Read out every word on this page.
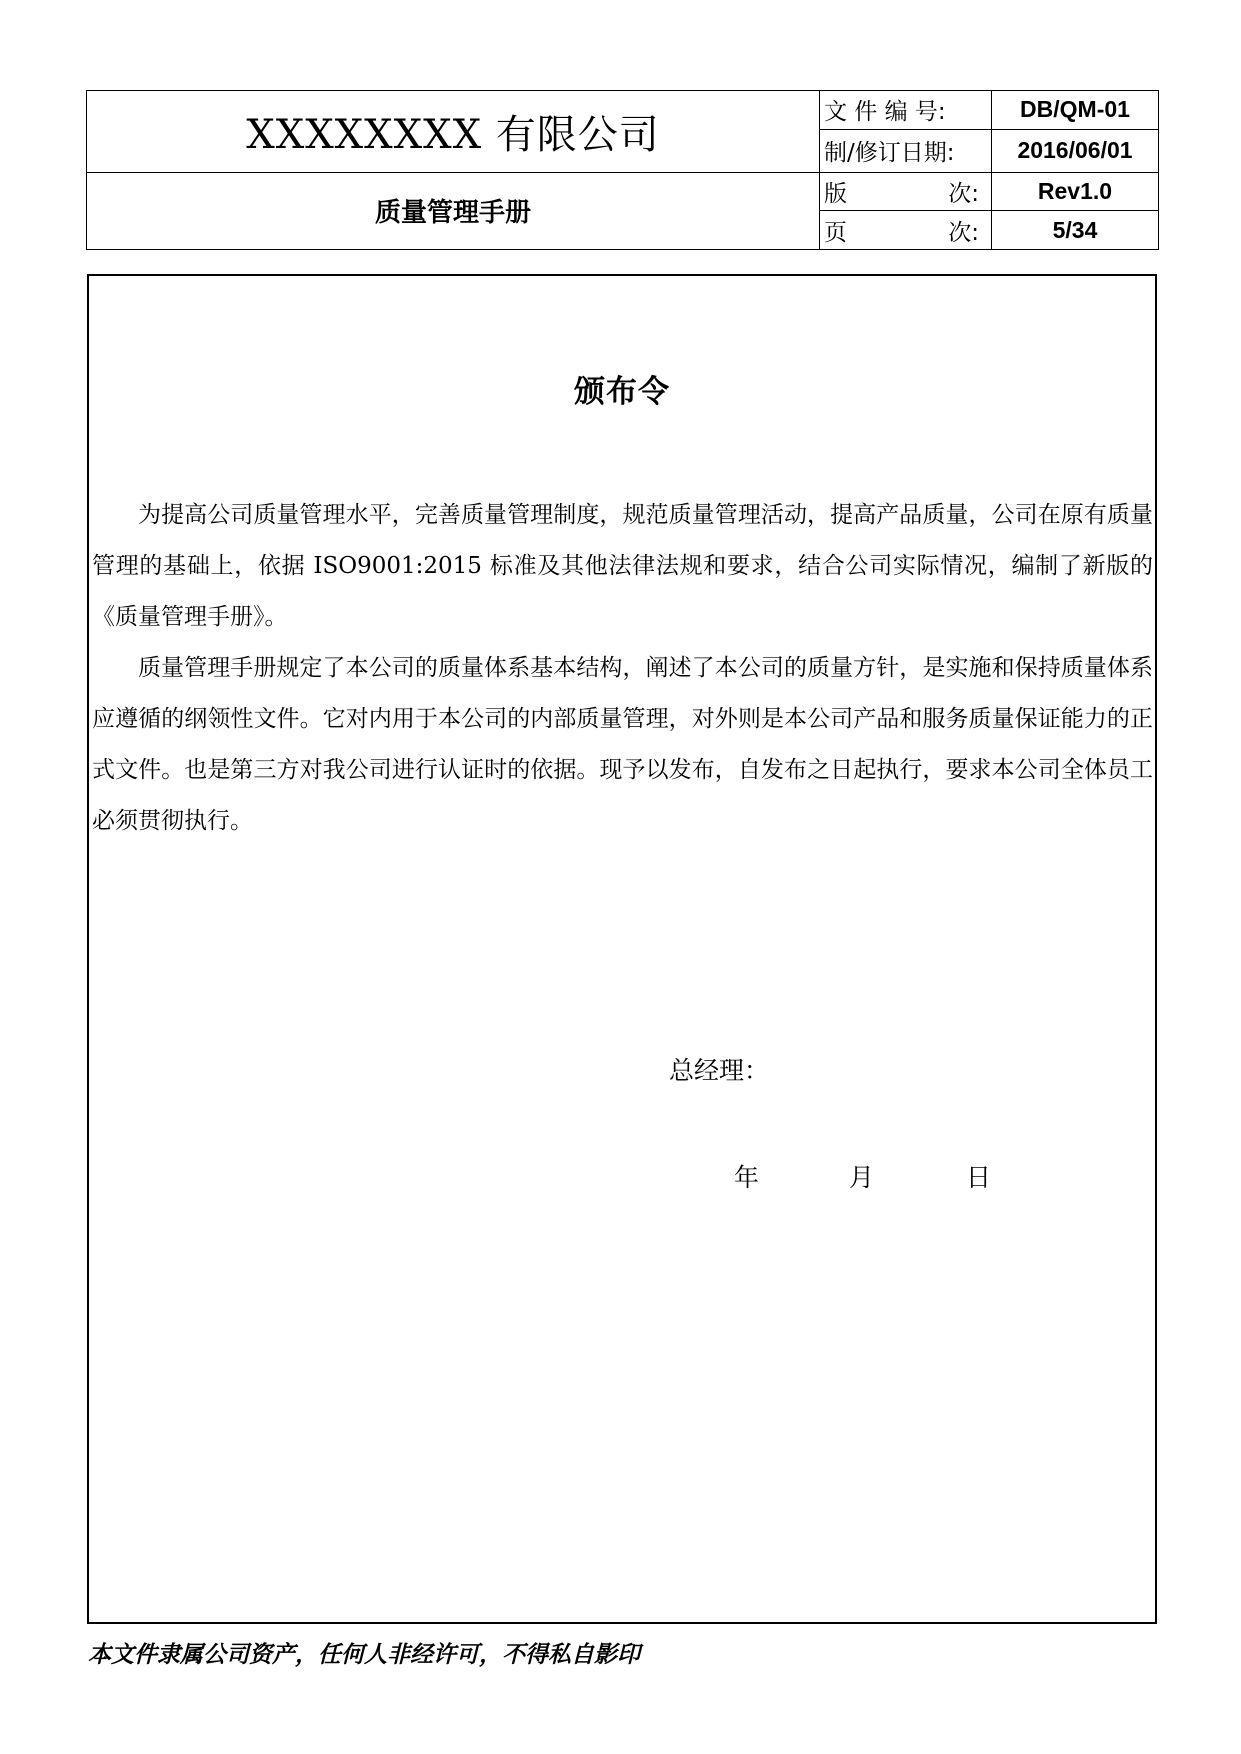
XXXXXXXX 有限公司	文 件 编 号:	DB/QM-01
	制/修订日期:	2016/06/01
质量管理手册	版 次:	Rev1.0

	页 次:	5/34
颁布令

为提高公司质量管理水平，完善质量管理制度，规范质量管理活动，提高产品质量，公司在原有质量管理的基础上，依据 ISO9001:2015 标准及其他法律法规和要求，结合公司实际情况，编制了新版的《质量管理手册》。

质量管理手册规定了本公司的质量体系基本结构，阐述了本公司的质量方针，是实施和保持质量体系应遵循的纲领性文件。它对内用于本公司的内部质量管理，对外则是本公司产品和服务质量保证能力的正式文件。也是第三方对我公司进行认证时的依据。现予以发布，自发布之日起执行，要求本公司全体员工必须贯彻执行。

总经理：
年	月	日
本文件隶属公司资产，任何人非经许可，不得私自影印
